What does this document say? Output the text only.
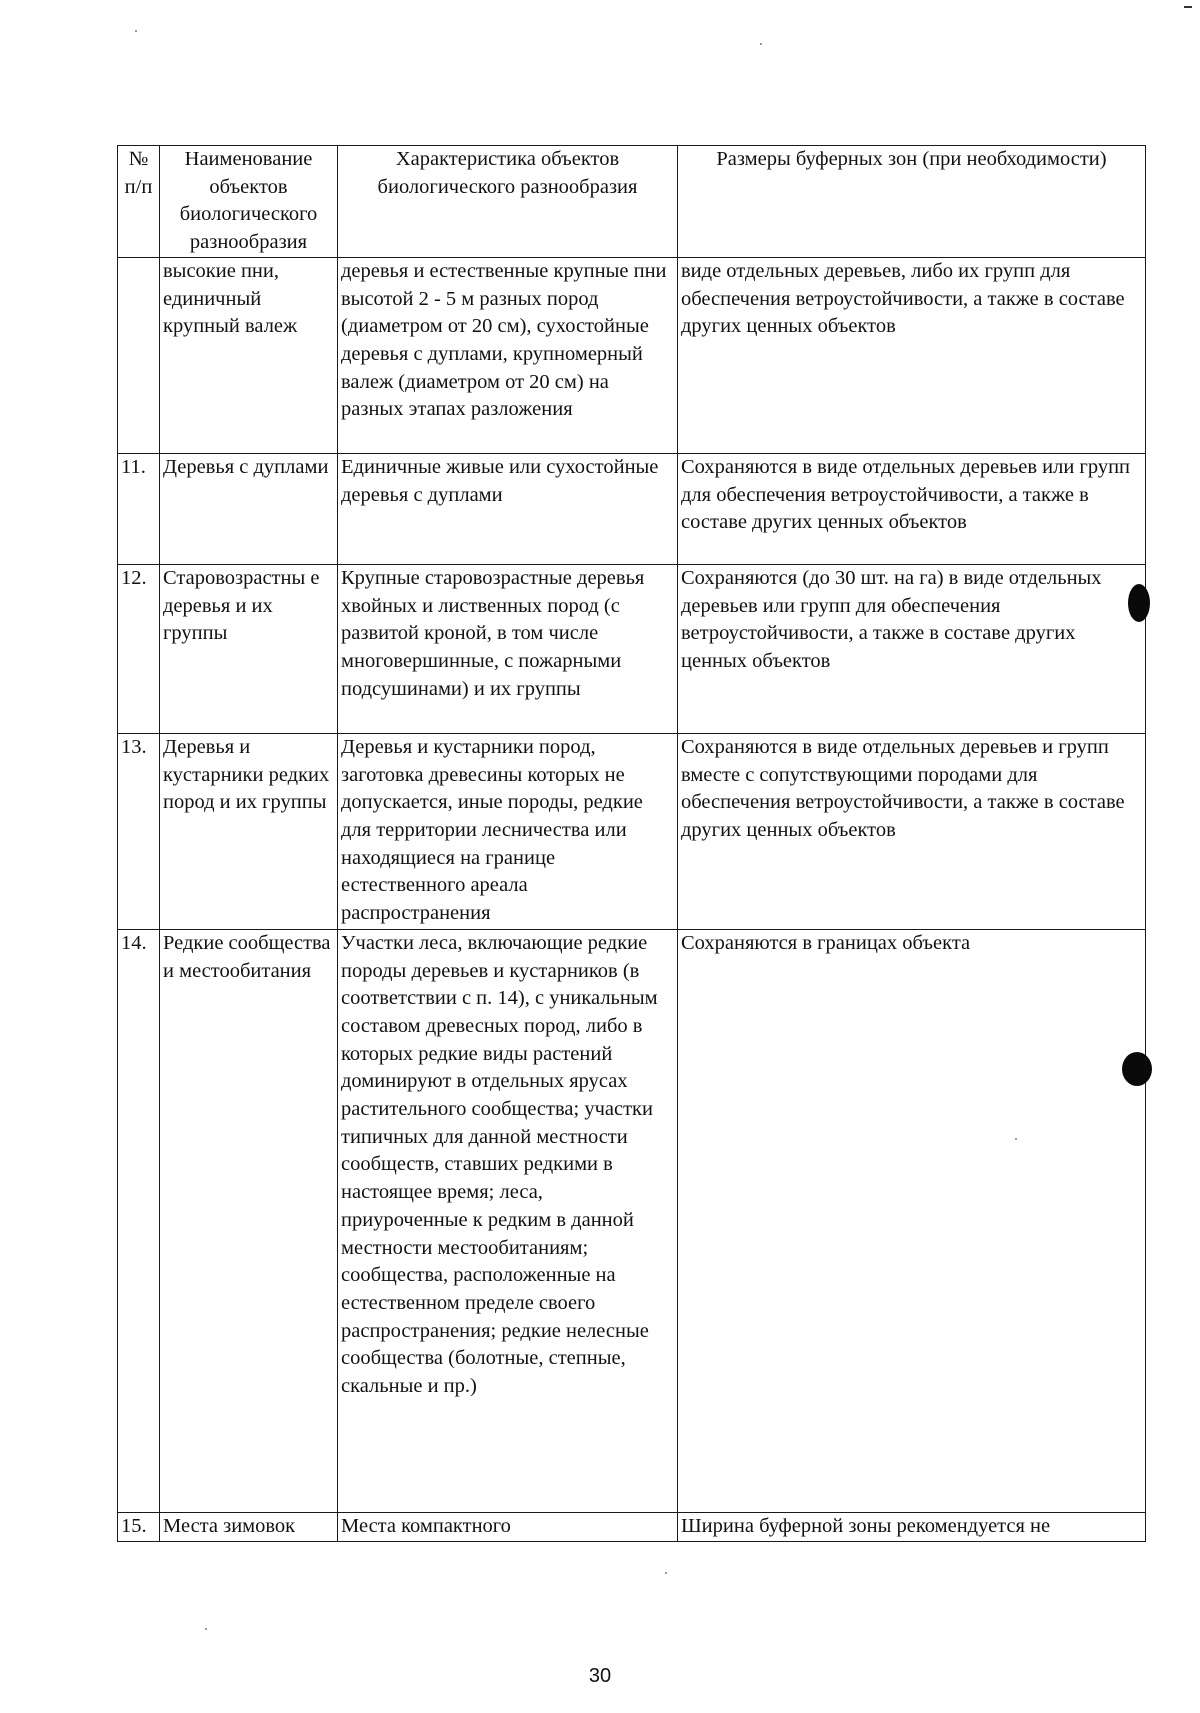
№ п/п	Наименование объектов биологического разнообразия	Характеристика объектов биологического разнообразия	Размеры буферных зон (при необходимости)
	высокие пни, единичный крупный валеж	деревья и естественные крупные пни высотой 2 - 5 м разных пород (диаметром от 20 см), сухостойные деревья с дуплами, крупномерный валеж (диаметром от 20 см) на разных этапах разложения	виде отдельных деревьев, либо их групп для обеспечения ветроустойчивости, а также в составе других ценных объектов
11.	Деревья с дуплами	Единичные живые или сухостойные деревья с дуплами	Сохраняются в виде отдельных деревьев или групп для обеспечения ветроустойчивости, а также в составе других ценных объектов
12.	Старовозрастны е деревья и их группы	Крупные старовозрастные деревья хвойных и лиственных пород (с развитой кроной, в том числе многовершинные, с пожарными подсушинами) и их группы	Сохраняются (до 30 шт. на га) в виде отдельных деревьев или групп для обеспечения ветроустойчивости, а также в составе других ценных объектов
13.	Деревья и кустарники редких пород и их группы	Деревья и кустарники пород, заготовка древесины которых не допускается, иные породы, редкие для территории лесничества или находящиеся на границе естественного ареала распространения	Сохраняются в виде отдельных деревьев и групп вместе с сопутствующими породами для обеспечения ветроустойчивости, а также в составе других ценных объектов
14.	Редкие сообщества и местообитания	Участки леса, включающие редкие породы деревьев и кустарников (в соответствии с п. 14), с уникальным составом древесных пород, либо в которых редкие виды растений доминируют в отдельных ярусах растительного сообщества; участки типичных для данной местности сообществ, ставших редкими в настоящее время; леса, приуроченные к редким в данной местности местообитаниям; сообщества, расположенные на естественном пределе своего распространения; редкие нелесные сообщества (болотные, степные, скальные и пр.)	Сохраняются в границах объекта
15.	Места зимовок	Места компактного	Ширина буферной зоны рекомендуется не
30
